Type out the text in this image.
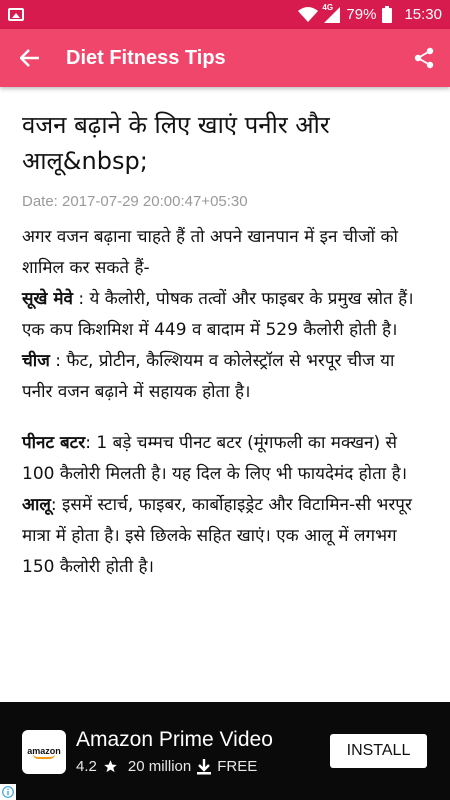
4G 79% 15:30
Diet Fitness Tips
वजन बढ़ाने के लिए खाएं पनीर और आलू&nbsp;
Date: 2017-07-29 20:00:47+05:30

अगर वजन बढ़ाना चाहते हैं तो अपने खानपान में इन चीजों को शामिल कर सकते हैं-

सूखे मेवे : ये कैलोरी, पोषक तत्वों और फाइबर के प्रमुख स्रोत हैं। एक कप किशमिश में 449 व बादाम में 529 कैलोरी होती है।

चीज : फैट, प्रोटीन, कैल्शियम व कोलेस्ट्रॉल से भरपूर चीज या पनीर वजन बढ़ाने में सहायक होता है।

पीनट बटर: 1 बड़े चम्मच पीनट बटर (मूंगफली का मक्खन) से 100 कैलोरी मिलती है। यह दिल के लिए भी फायदेमंद होता है।

आलू: इसमें स्टार्च, फाइबर, कार्बोहाइड्रेट और विटामिन-सी भरपूर मात्रा में होता है। इसे छिलके सहित खाएं। एक आलू में लगभग 150 कैलोरी होती है।

amazon Amazon Prime Video
4.2 20 million FREE
INSTALL
